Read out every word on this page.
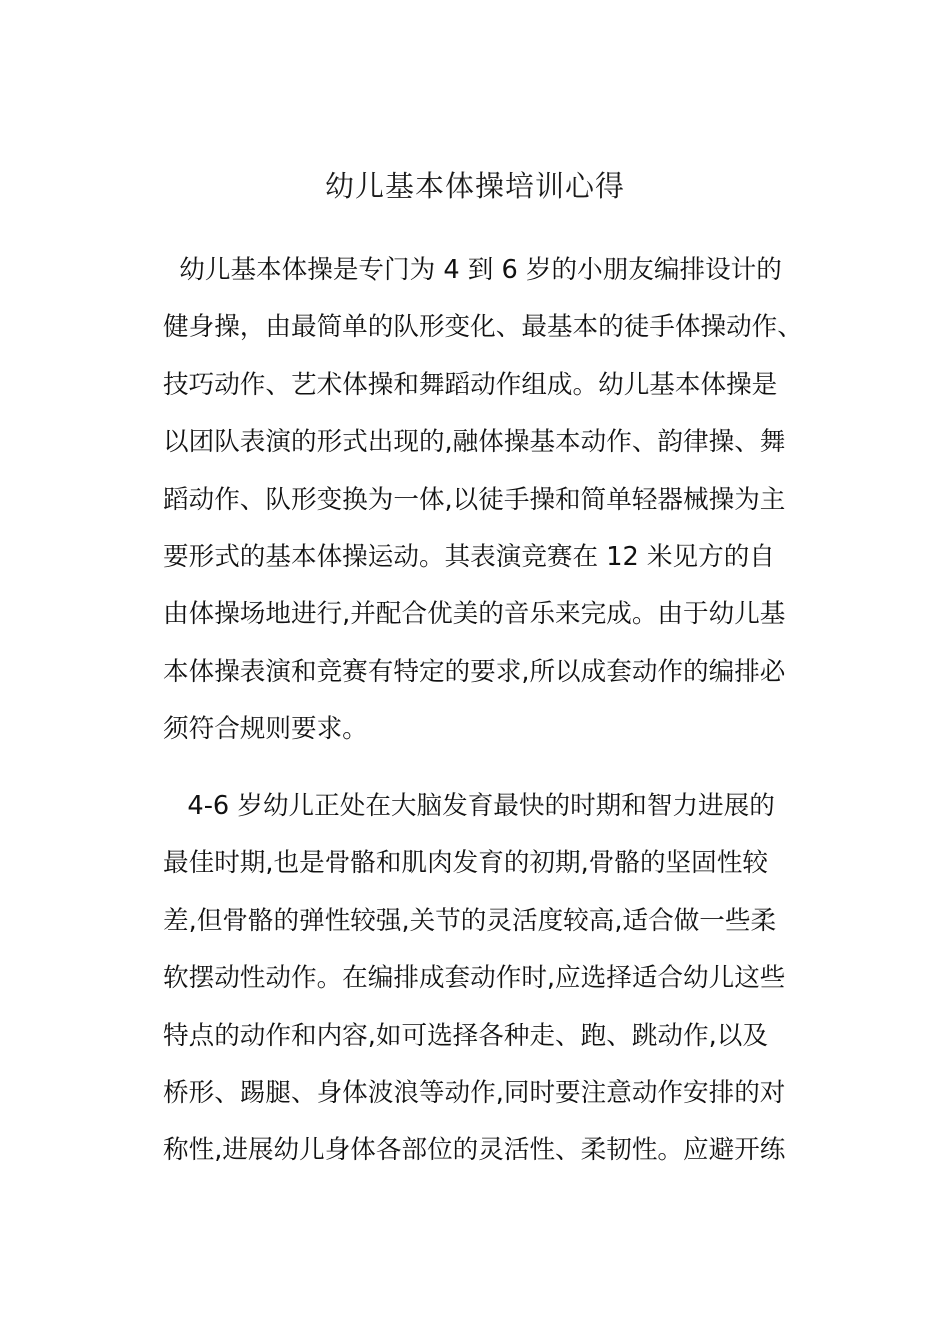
幼儿基本体操培训心得

幼儿基本体操是专门为 4 到 6 岁的小朋友编排设计的
健身操，由最简单的队形变化、最基本的徒手体操动作、
技巧动作、艺术体操和舞蹈动作组成。幼儿基本体操是
以团队表演的形式出现的,融体操基本动作、韵律操、舞
蹈动作、队形变换为一体,以徒手操和简单轻器械操为主
要形式的基本体操运动。其表演竞赛在 12 米见方的自
由体操场地进行,并配合优美的音乐来完成。由于幼儿基
本体操表演和竞赛有特定的要求,所以成套动作的编排必
须符合规则要求。

4-6 岁幼儿正处在大脑发育最快的时期和智力进展的
最佳时期,也是骨骼和肌肉发育的初期,骨骼的坚固性较
差,但骨骼的弹性较强,关节的灵活度较高,适合做一些柔
软摆动性动作。在编排成套动作时,应选择适合幼儿这些
特点的动作和内容,如可选择各种走、跑、跳动作,以及
桥形、踢腿、身体波浪等动作,同时要注意动作安排的对
称性,进展幼儿身体各部位的灵活性、柔韧性。应避开练
